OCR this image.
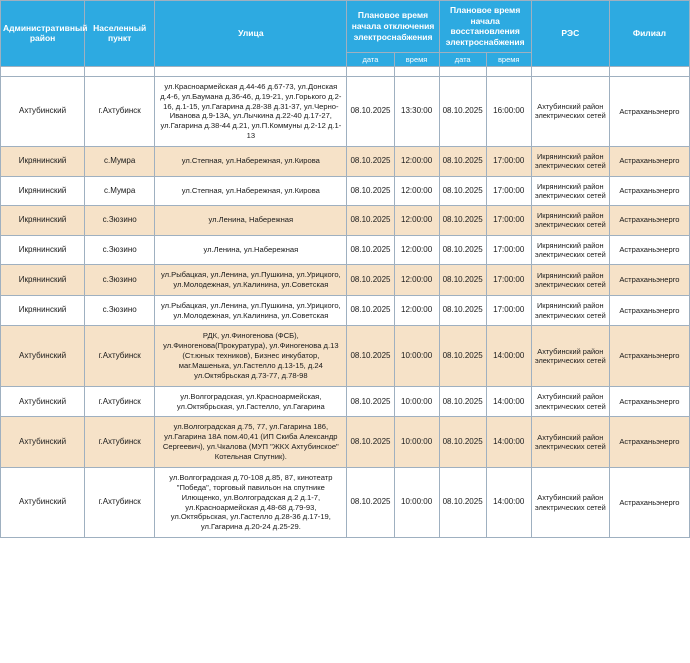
Административный район	Населенный пункт	Улица	Плановое время начала отключения электроснабжения		Плановое время начала восстановления электроснабжения		РЭС	Филиал
			дата	время	дата	время		

Ахтубинский	г.Ахтубинск	ул.Красноармейская д.44-46 д.67-73, ул.Донская д.4-6, ул.Баумана д.36-46, д.19-21, ул.Горького д.2-16, д.1-15, ул.Гагарина д.28-38 д.31-37, ул.Черно-Иванова д.9-13А, ул.Лычкина д.22-40 д.17-27, ул.Гагарина д.38-44 д.21, ул.П.Коммуны д.2-12 д.1-13	08.10.2025	13:30:00	08.10.2025	16:00:00	Ахтубинский район электрических сетей	Астраханьэнерго
Икрянинский	с.Мумра	ул.Степная, ул.Набережная, ул.Кирова	08.10.2025	12:00:00	08.10.2025	17:00:00	Икрянинский район электрических сетей	Астраханьэнерго
Икрянинский	с.Мумра	ул.Степная, ул.Набережная, ул.Кирова	08.10.2025	12:00:00	08.10.2025	17:00:00	Икрянинский район электрических сетей	Астраханьэнерго
Икрянинский	с.Зюзино	ул.Ленина, Набережная	08.10.2025	12:00:00	08.10.2025	17:00:00	Икрянинский район электрических сетей	Астраханьэнерго
Икрянинский	с.Зюзино	ул.Ленина, ул.Набережная	08.10.2025	12:00:00	08.10.2025	17:00:00	Икрянинский район электрических сетей	Астраханьэнерго
Икрянинский	с.Зюзино	ул.Рыбацкая, ул.Ленина, ул.Пушкина, ул.Урицкого, ул.Молодежная, ул.Калинина, ул.Советская	08.10.2025	12:00:00	08.10.2025	17:00:00	Икрянинский район электрических сетей	Астраханьэнерго
Икрянинский	с.Зюзино	ул.Рыбацкая, ул.Ленина, ул.Пушкина, ул.Урицкого, ул.Молодежная, ул.Калинина, ул.Советская	08.10.2025	12:00:00	08.10.2025	17:00:00	Икрянинский район электрических сетей	Астраханьэнерго
Ахтубинский	г.Ахтубинск	РДК, ул.Финогенова (ФСБ), ул.Финогенова(Прокуратура), ул.Финогенова д.13 (Ст.юных техников), Бизнес инкубатор, маг.Машенька, ул.Гастелло д.13-15, д.24 ул.Октябрьская д.73-77, д.78-98	08.10.2025	10:00:00	08.10.2025	14:00:00	Ахтубинский район электрических сетей	Астраханьэнерго
Ахтубинский	г.Ахтубинск	ул.Волгоградская, ул.Красноармейская, ул.Октябрьская, ул.Гастелло, ул.Гагарина	08.10.2025	10:00:00	08.10.2025	14:00:00	Ахтубинский район электрических сетей	Астраханьэнерго
Ахтубинский	г.Ахтубинск	ул.Волгоградская д.75, 77, ул.Гагарина 186, ул.Гагарина 18А пом.40,41 (ИП Скиба Александр Сергеевич), ул.Чкалова (МУП "ЖКХ Ахтубинское" Котельная Спутник).	08.10.2025	10:00:00	08.10.2025	14:00:00	Ахтубинский район электрических сетей	Астраханьэнерго
Ахтубинский	г.Ахтубинск	ул.Волгоградская д.70-108 д.85, 87, кинотеатр "Победа", торговый павильон на спутнике Илющенко, ул.Волгоградская д.2 д.1-7, ул.Красноармейская д.48-68 д.79-93, ул.Октябрьская, ул.Гастелло д.28-36 д.17-19, ул.Гагарина д.20-24 д.25-29.	08.10.2025	10:00:00	08.10.2025	14:00:00	Ахтубинский район электрических сетей	Астраханьэнерго
